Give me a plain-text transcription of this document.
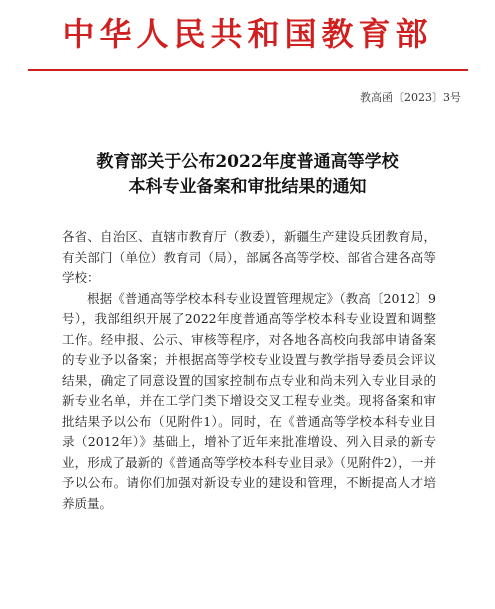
中华人民共和国教育部
教高函〔2023〕3号
教育部关于公布2022年度普通高等学校
本科专业备案和审批结果的通知

各省、自治区、直辖市教育厅（教委），新疆生产建设兵团教育局，有关部门（单位）教育司（局），部属各高等学校、部省合建各高等学校：

根据《普通高等学校本科专业设置管理规定》（教高〔2012〕9号），我部组织开展了2022年度普通高等学校本科专业设置和调整工作。经申报、公示、审核等程序，对各地各高校向我部申请备案的专业予以备案；并根据高等学校专业设置与教学指导委员会评议结果，确定了同意设置的国家控制布点专业和尚未列入专业目录的新专业名单，并在工学门类下增设交叉工程专业类。现将备案和审批结果予以公布（见附件1）。同时，在《普通高等学校本科专业目录（2012年）》基础上，增补了近年来批准增设、列入目录的新专业，形成了最新的《普通高等学校本科专业目录》（见附件2），一并予以公布。请你们加强对新设专业的建设和管理，不断提高人才培养质量。
